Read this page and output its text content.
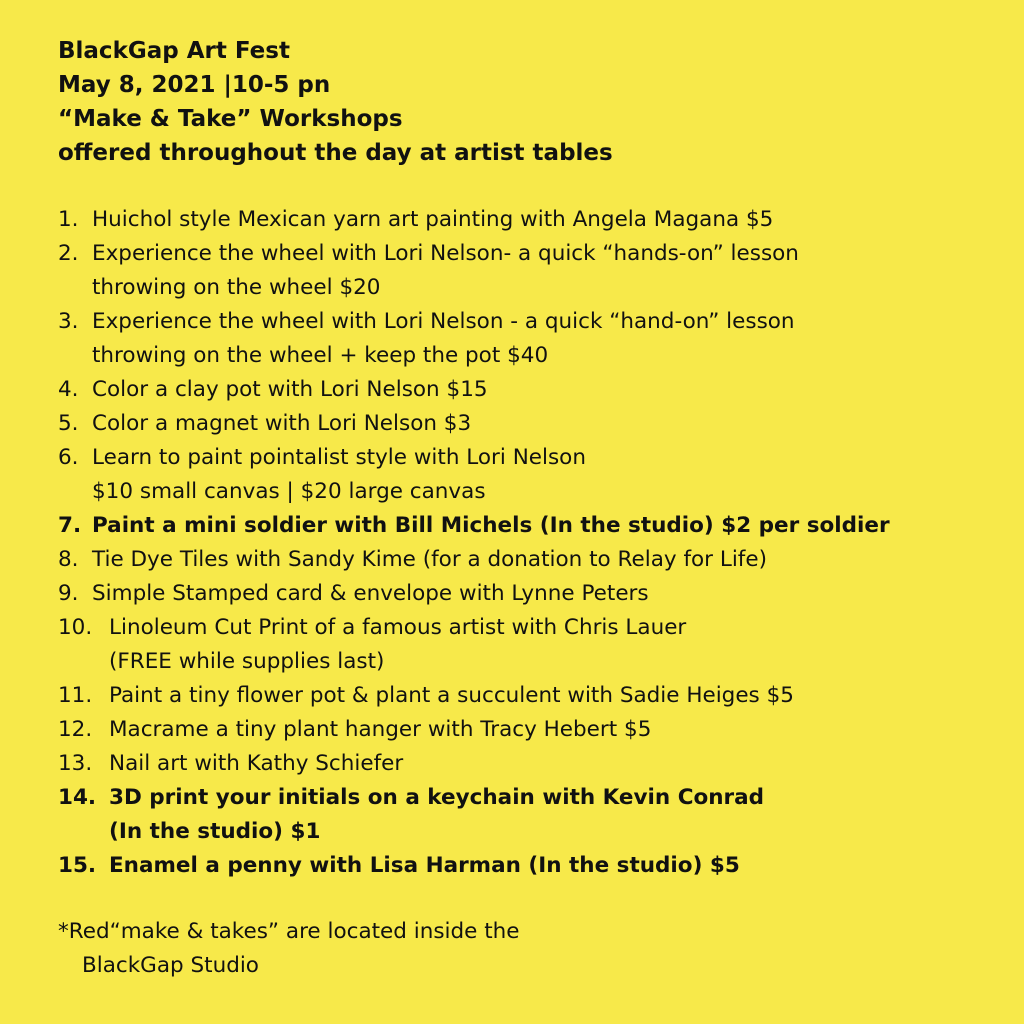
BlackGap Art Fest
May 8, 2021 |10-5 pn
“Make & Take” Workshops
offered throughout the day at artist tables
1. Huichol style Mexican yarn art painting with Angela Magana $5
2. Experience the wheel with Lori Nelson- a quick “hands-on” lesson
throwing on the wheel $20
3. Experience the wheel with Lori Nelson - a quick “hand-on” lesson
throwing on the wheel + keep the pot $40
4. Color a clay pot with Lori Nelson $15
5. Color a magnet with Lori Nelson $3
6. Learn to paint pointalist style with Lori Nelson
$10 small canvas | $20 large canvas
7. Paint a mini soldier with Bill Michels (In the studio) $2 per soldier
8. Tie Dye Tiles with Sandy Kime (for a donation to Relay for Life)
9. Simple Stamped card & envelope with Lynne Peters
10. Linoleum Cut Print of a famous artist with Chris Lauer
(FREE while supplies last)
11. Paint a tiny flower pot & plant a succulent with Sadie Heiges $5
12. Macrame a tiny plant hanger with Tracy Hebert $5
13. Nail art with Kathy Schiefer
14. 3D print your initials on a keychain with Kevin Conrad
(In the studio) $1
15. Enamel a penny with Lisa Harman (In the studio) $5
*Red“make & takes” are located inside the
BlackGap Studio
